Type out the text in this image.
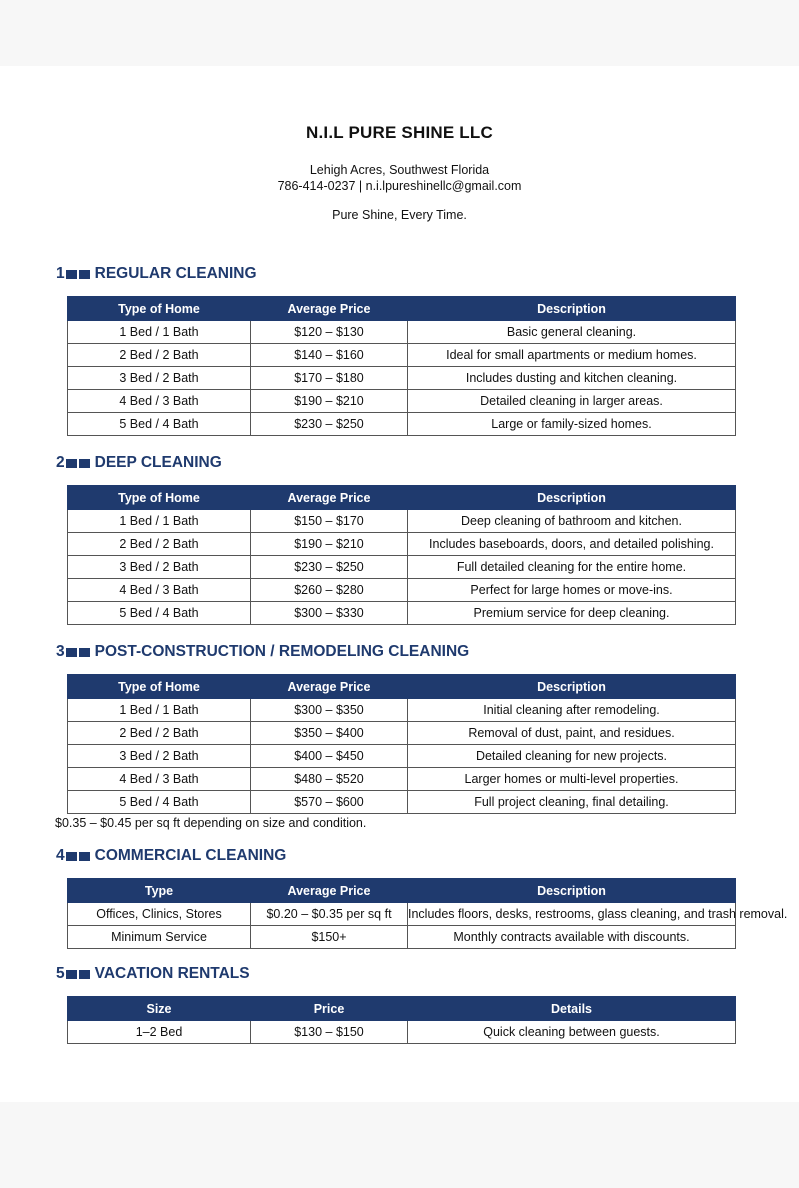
N.I.L PURE SHINE LLC
Lehigh Acres, Southwest Florida
786-414-0237 | n.i.lpureshinellc@gmail.com
Pure Shine, Every Time.
1 REGULAR CLEANING
Type of Home	Average Price	Description
1 Bed / 1 Bath	$120 – $130	Basic general cleaning.
2 Bed / 2 Bath	$140 – $160	Ideal for small apartments or medium homes.
3 Bed / 2 Bath	$170 – $180	Includes dusting and kitchen cleaning.
4 Bed / 3 Bath	$190 – $210	Detailed cleaning in larger areas.
5 Bed / 4 Bath	$230 – $250	Large or family-sized homes.
2 DEEP CLEANING
Type of Home	Average Price	Description
1 Bed / 1 Bath	$150 – $170	Deep cleaning of bathroom and kitchen.
2 Bed / 2 Bath	$190 – $210	Includes baseboards, doors, and detailed polishing.
3 Bed / 2 Bath	$230 – $250	Full detailed cleaning for the entire home.
4 Bed / 3 Bath	$260 – $280	Perfect for large homes or move-ins.
5 Bed / 4 Bath	$300 – $330	Premium service for deep cleaning.
3 POST-CONSTRUCTION / REMODELING CLEANING
Type of Home	Average Price	Description
1 Bed / 1 Bath	$300 – $350	Initial cleaning after remodeling.
2 Bed / 2 Bath	$350 – $400	Removal of dust, paint, and residues.
3 Bed / 2 Bath	$400 – $450	Detailed cleaning for new projects.
4 Bed / 3 Bath	$480 – $520	Larger homes or multi-level properties.
5 Bed / 4 Bath	$570 – $600	Full project cleaning, final detailing.
$0.35 – $0.45 per sq ft depending on size and condition.
4 COMMERCIAL CLEANING
Type	Average Price	Description
Offices, Clinics, Stores	$0.20 – $0.35 per sq ft	Includes floors, desks, restrooms, glass cleaning, and trash removal.
Minimum Service	$150+	Monthly contracts available with discounts.
5 VACATION RENTALS
Size	Price	Details
1–2 Bed	$130 – $150	Quick cleaning between guests.
